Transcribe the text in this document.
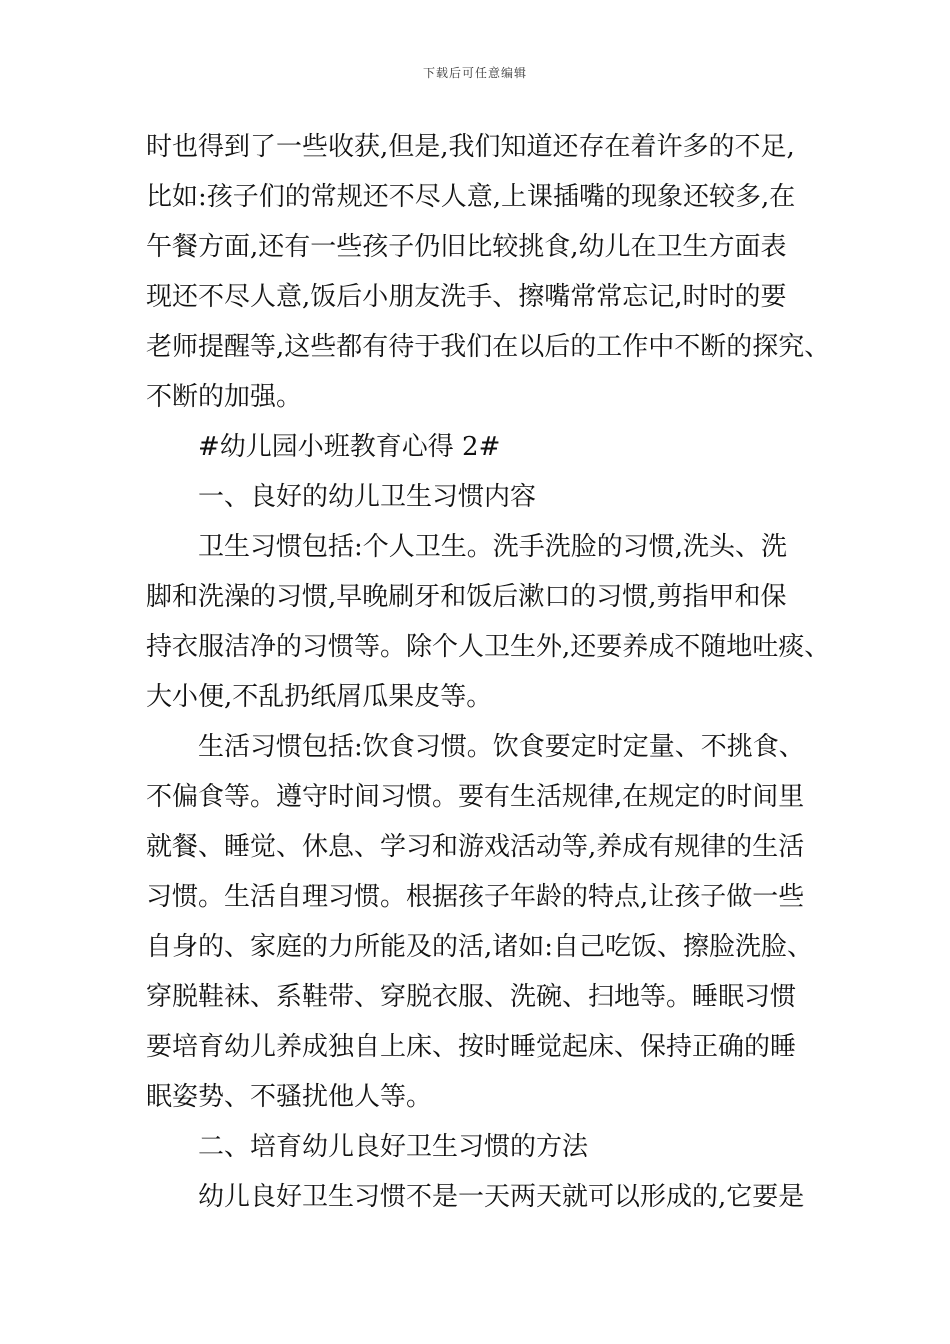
下载后可任意编辑
时也得到了一些收获,但是,我们知道还存在着许多的不足,
比如:孩子们的常规还不尽人意,上课插嘴的现象还较多,在
午餐方面,还有一些孩子仍旧比较挑食,幼儿在卫生方面表
现还不尽人意,饭后小朋友洗手、擦嘴常常忘记,时时的要
老师提醒等,这些都有待于我们在以后的工作中不断的探究、
不断的加强。
#幼儿园小班教育心得 2#
一、良好的幼儿卫生习惯内容
卫生习惯包括:个人卫生。洗手洗脸的习惯,洗头、洗
脚和洗澡的习惯,早晚刷牙和饭后漱口的习惯,剪指甲和保
持衣服洁净的习惯等。除个人卫生外,还要养成不随地吐痰、
大小便,不乱扔纸屑瓜果皮等。
生活习惯包括:饮食习惯。饮食要定时定量、不挑食、
不偏食等。遵守时间习惯。要有生活规律,在规定的时间里
就餐、睡觉、休息、学习和游戏活动等,养成有规律的生活
习惯。生活自理习惯。根据孩子年龄的特点,让孩子做一些
自身的、家庭的力所能及的活,诸如:自己吃饭、擦脸洗脸、
穿脱鞋袜、系鞋带、穿脱衣服、洗碗、扫地等。睡眠习惯
要培育幼儿养成独自上床、按时睡觉起床、保持正确的睡
眠姿势、不骚扰他人等。
二、培育幼儿良好卫生习惯的方法
幼儿良好卫生习惯不是一天两天就可以形成的,它要是
